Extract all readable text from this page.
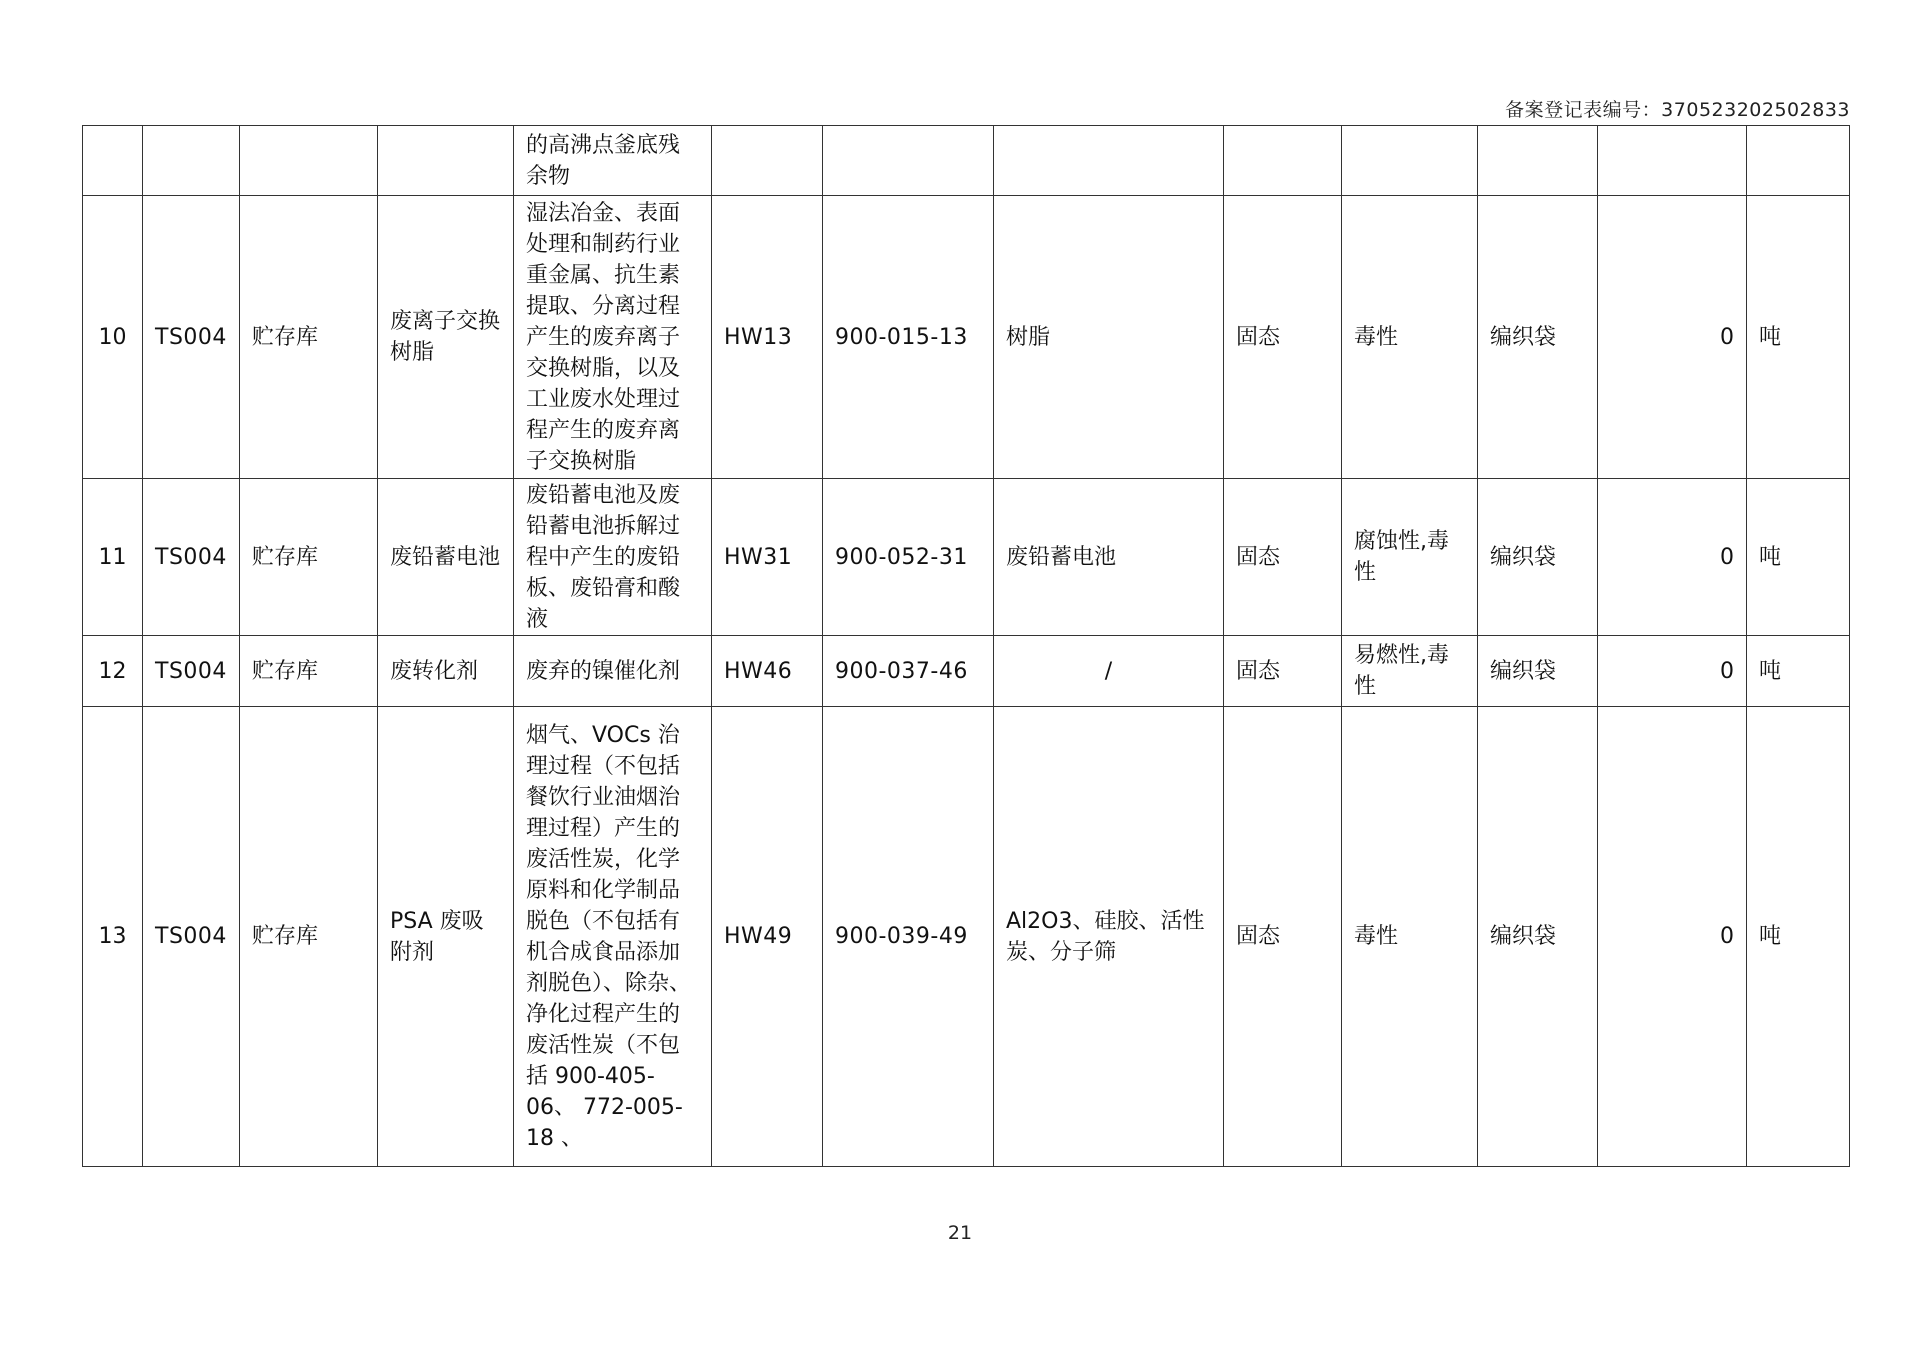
备案登记表编号：370523202502833
				的高沸点釜底残余物								
10	TS004	贮存库	废离子交换树脂	湿法冶金、表面处理和制药行业重金属、抗生素提取、分离过程产生的废弃离子交换树脂，以及工业废水处理过程产生的废弃离子交换树脂	HW13	900-015-13	树脂	固态	毒性	编织袋	0	吨
11	TS004	贮存库	废铅蓄电池	废铅蓄电池及废铅蓄电池拆解过程中产生的废铅板、废铅膏和酸液	HW31	900-052-31	废铅蓄电池	固态	腐蚀性,毒性	编织袋	0	吨
12	TS004	贮存库	废转化剂	废弃的镍催化剂	HW46	900-037-46	/	固态	易燃性,毒性	编织袋	0	吨
13	TS004	贮存库	PSA 废吸附剂	烟气、VOCs 治理过程（不包括餐饮行业油烟治理过程）产生的废活性炭，化学原料和化学制品脱色（不包括有机合成食品添加剂脱色）、除杂、净化过程产生的废活性炭（不包括 900-405-06、 772-005-18 、	HW49	900-039-49	Al2O3、硅胶、活性炭、分子筛	固态	毒性	编织袋	0	吨
21
